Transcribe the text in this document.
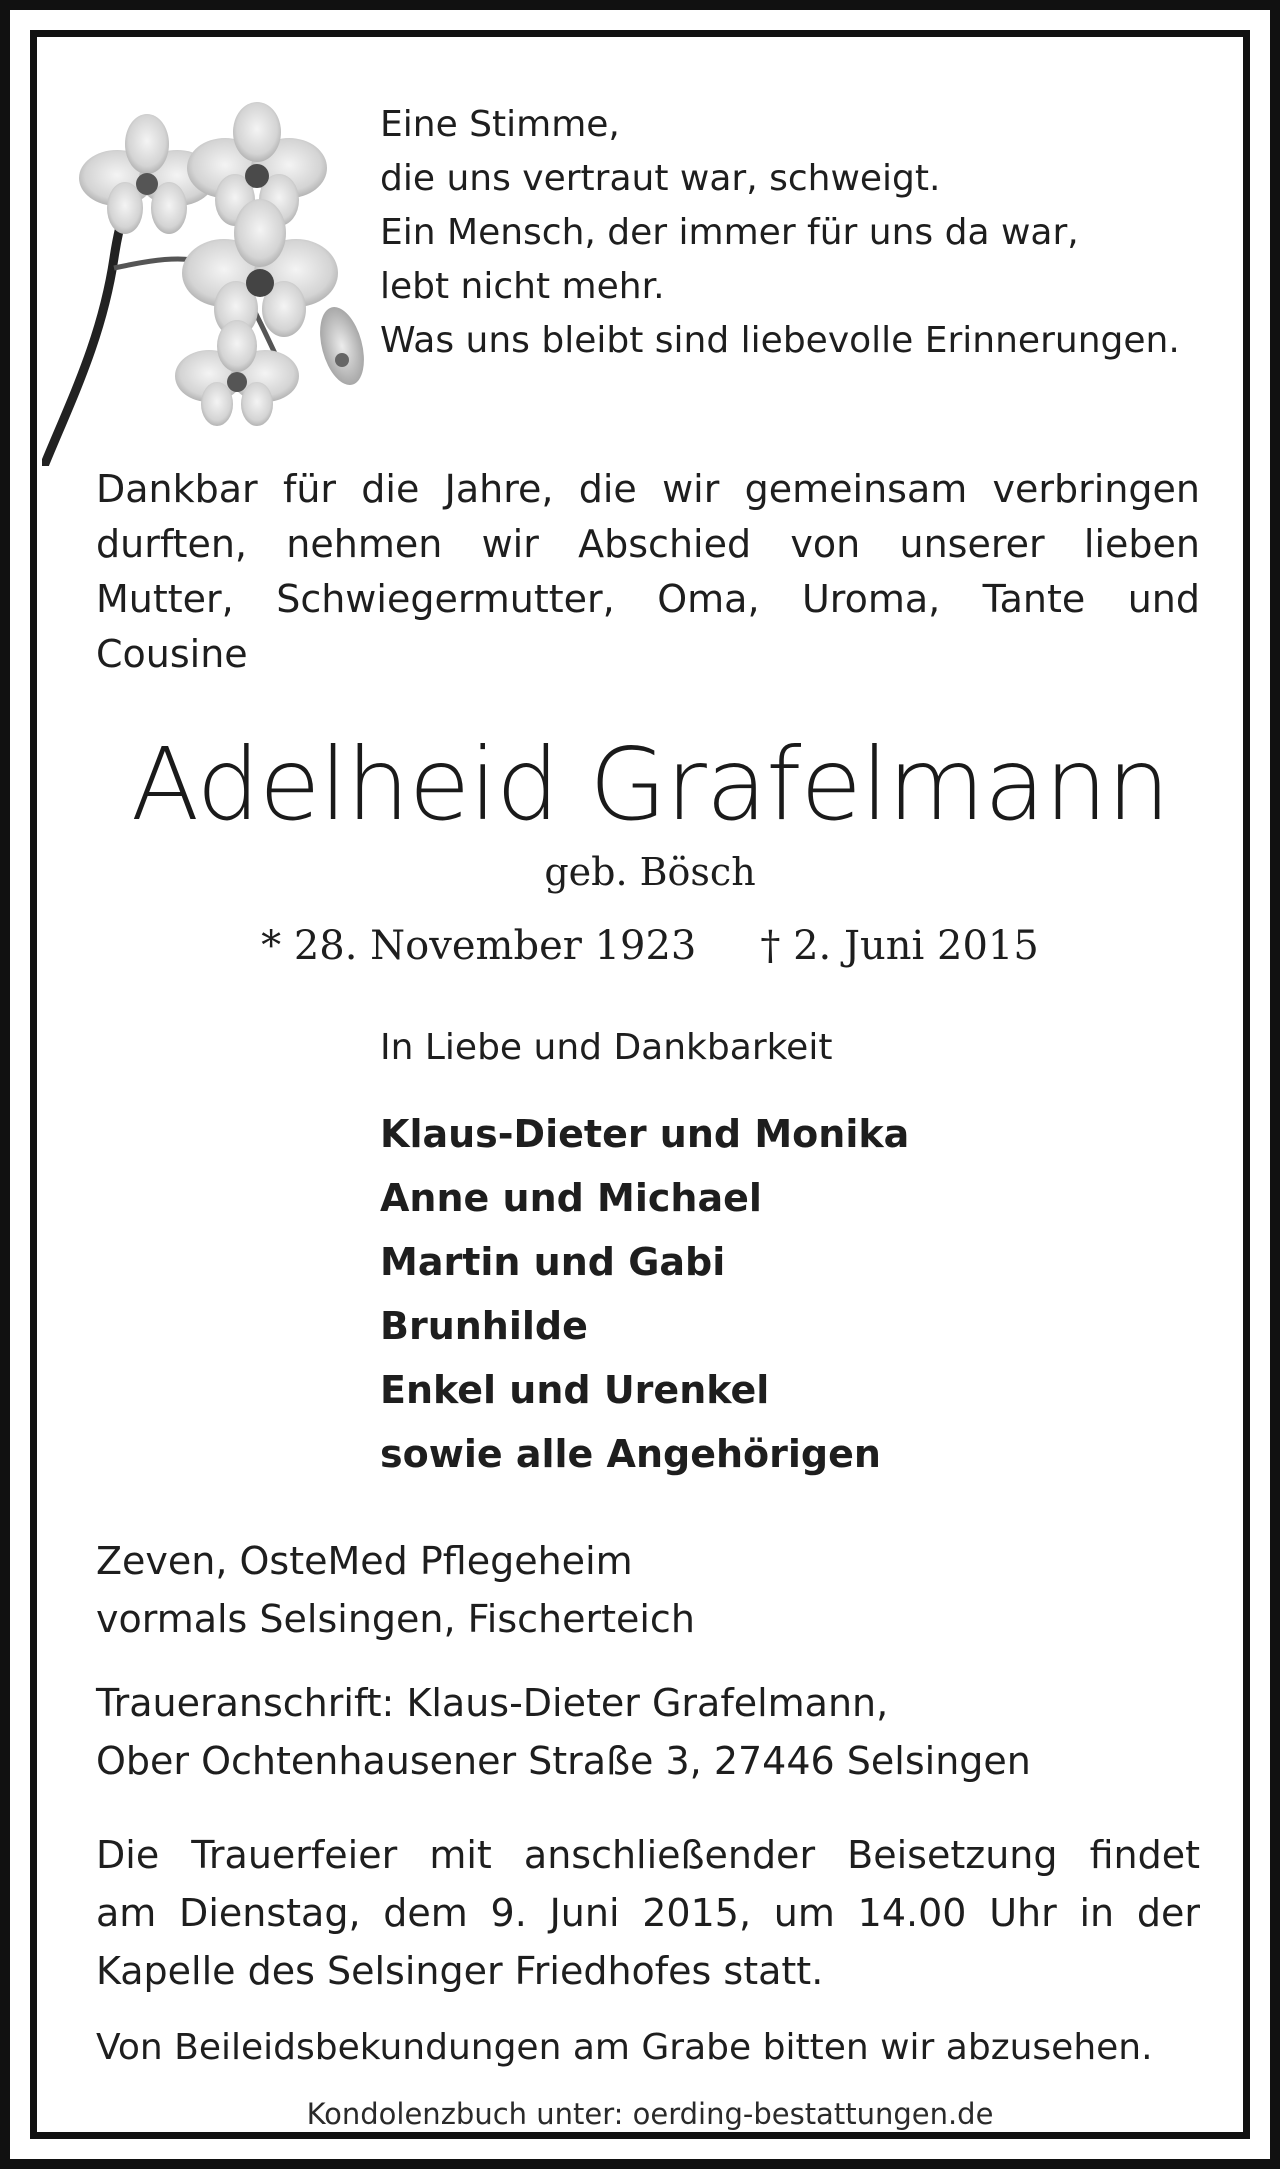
Eine Stimme,
die uns vertraut war, schweigt.
Ein Mensch, der immer für uns da war,
lebt nicht mehr.
Was uns bleibt sind liebevolle Erinnerungen.
Dankbar für die Jahre, die wir gemeinsam verbringen
durften, nehmen wir Abschied von unserer lieben
Mutter, Schwiegermutter, Oma, Uroma, Tante und
Cousine
Adelheid Grafelmann
geb. Bösch
* 28. November 1923 † 2. Juni 2015
In Liebe und Dankbarkeit
Klaus-Dieter und Monika
Anne und Michael
Martin und Gabi
Brunhilde
Enkel und Urenkel
sowie alle Angehörigen
Zeven, OsteMed Pflegeheim
vormals Selsingen, Fischerteich
Traueranschrift: Klaus-Dieter Grafelmann,
Ober Ochtenhausener Straße 3, 27446 Selsingen
Die Trauerfeier mit anschließender Beisetzung findet
am Dienstag, dem 9. Juni 2015, um 14.00 Uhr in der
Kapelle des Selsinger Friedhofes statt.
Von Beileidsbekundungen am Grabe bitten wir abzusehen.
Kondolenzbuch unter: oerding-bestattungen.de
